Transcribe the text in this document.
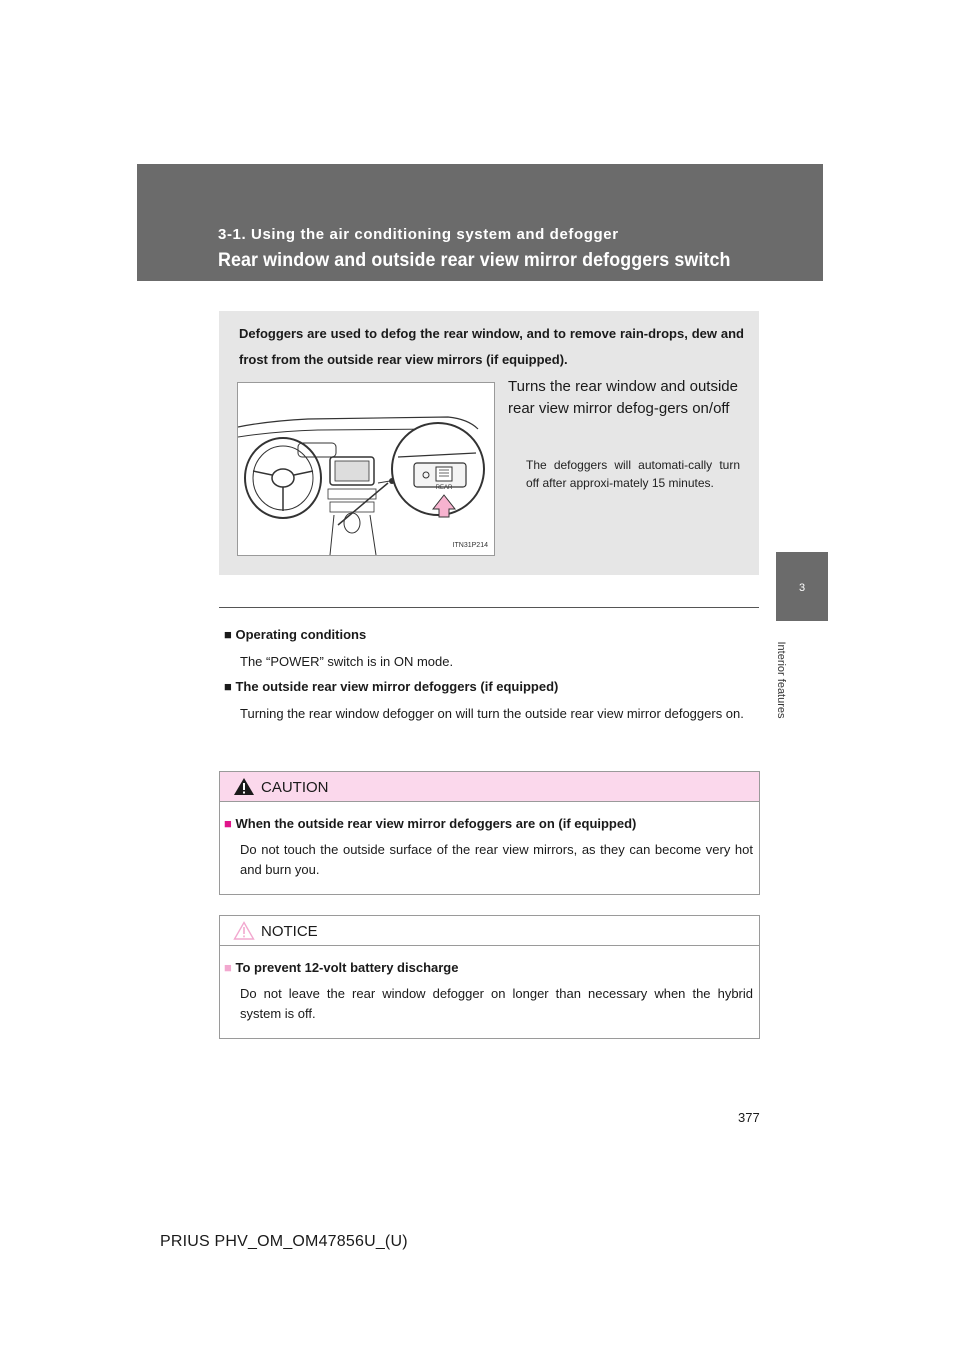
3-1. Using the air conditioning system and defogger
Rear window and outside rear view mirror defoggers switch
3
Interior features
Defoggers are used to defog the rear window, and to remove rain-drops, dew and frost from the outside rear view mirrors (if equipped).
REAR
ITN31P214
Turns the rear window and outside rear view mirror defog-gers on/off
The defoggers will automati-cally turn off after approxi-mately 15 minutes.
■ Operating conditions
The “POWER” switch is in ON mode.
■ The outside rear view mirror defoggers (if equipped)
Turning the rear window defogger on will turn the outside rear view mirror defoggers on.
CAUTION
■ When the outside rear view mirror defoggers are on (if equipped)
Do not touch the outside surface of the rear view mirrors, as they can become very hot and burn you.
NOTICE
■ To prevent 12-volt battery discharge
Do not leave the rear window defogger on longer than necessary when the hybrid system is off.
377
PRIUS PHV_OM_OM47856U_(U)
